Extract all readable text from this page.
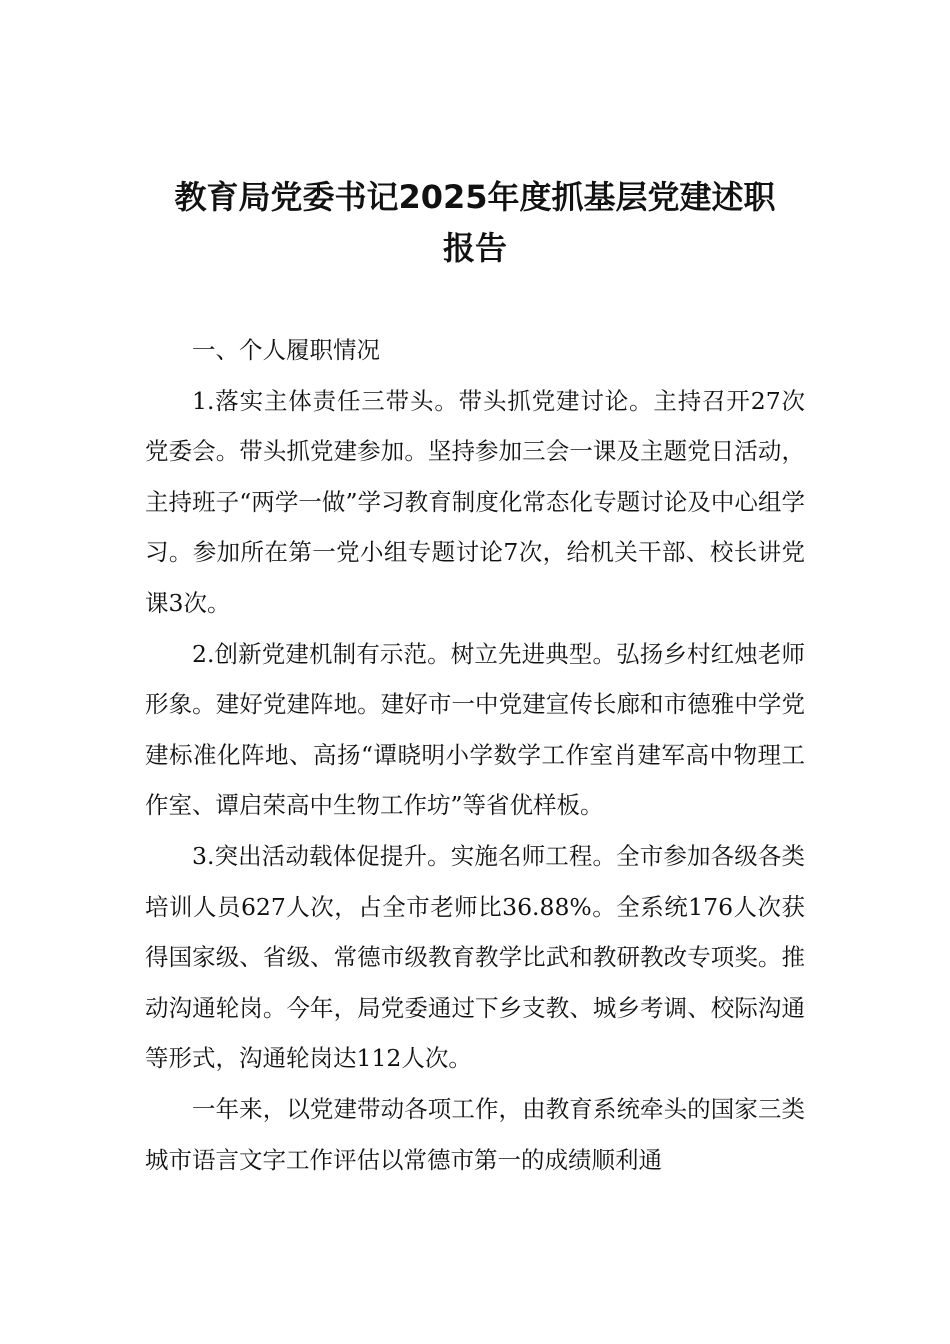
教育局党委书记2025年度抓基层党建述职
报告

一、个人履职情况

1.落实主体责任三带头。带头抓党建讨论。主持召开27次党委会。带头抓党建参加。坚持参加三会一课及主题党日活动，主持班子“两学一做”学习教育制度化常态化专题讨论及中心组学习。参加所在第一党小组专题讨论7次，给机关干部、校长讲党课3次。

2.创新党建机制有示范。树立先进典型。弘扬乡村红烛老师形象。建好党建阵地。建好市一中党建宣传长廊和市德雅中学党建标准化阵地、高扬“谭晓明小学数学工作室肖建军高中物理工作室、谭启荣高中生物工作坊”等省优样板。

3.突出活动载体促提升。实施名师工程。全市参加各级各类培训人员627人次，占全市老师比36.88%。全系统176人次获得国家级、省级、常德市级教育教学比武和教研教改专项奖。推动沟通轮岗。今年，局党委通过下乡支教、城乡考调、校际沟通等形式，沟通轮岗达112人次。

一年来，以党建带动各项工作，由教育系统牵头的国家三类城市语言文字工作评估以常德市第一的成绩顺利通
